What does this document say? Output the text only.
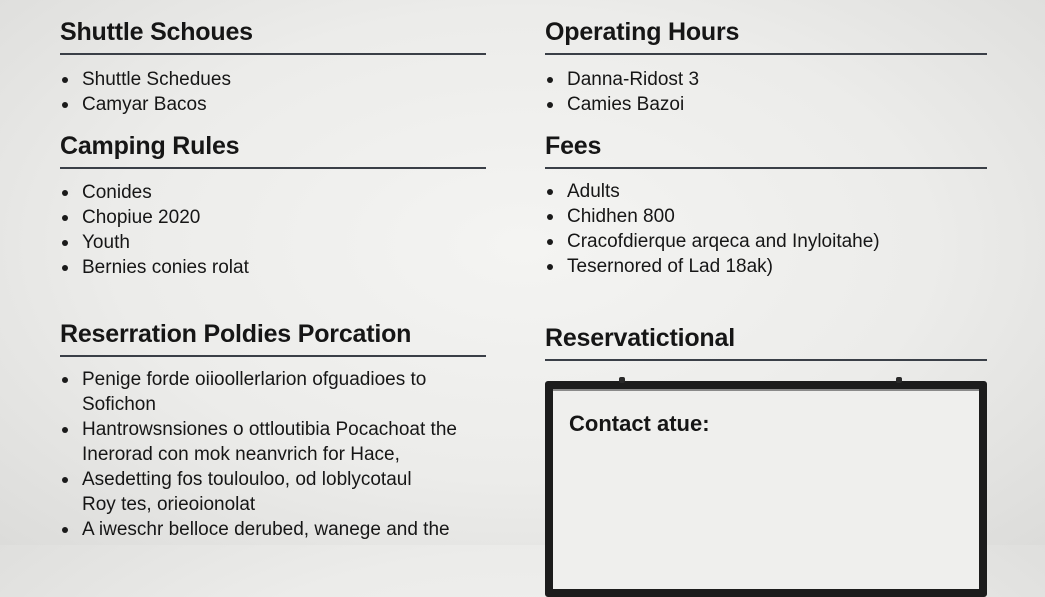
Shuttle Schoues
Shuttle Schedues
Camyar Bacos
Camping Rules
Conides
Chopiue 2020
Youth
Bernies conies rolat
Reserration Poldies Porcation
Penige forde oiioollerlarion ofguadioes to
Sofichon
Hantrowsnsiones o ottloutibia Pocachoat the
Inerorad con mok neanvrich for Hace,
Asedetting fos toulouloo, od loblycotaul
Roy tes, orieoionolat
A iweschr belloce derubed, wanege and the
Operating Hours
Danna-Ridost 3
Camies Bazoi
Fees
Adults
Chidhen 800
Cracofdierque arqeca and Inyloitahe)
Tesernored of Lad 18ak)
Reservatictional
Contact atue:
